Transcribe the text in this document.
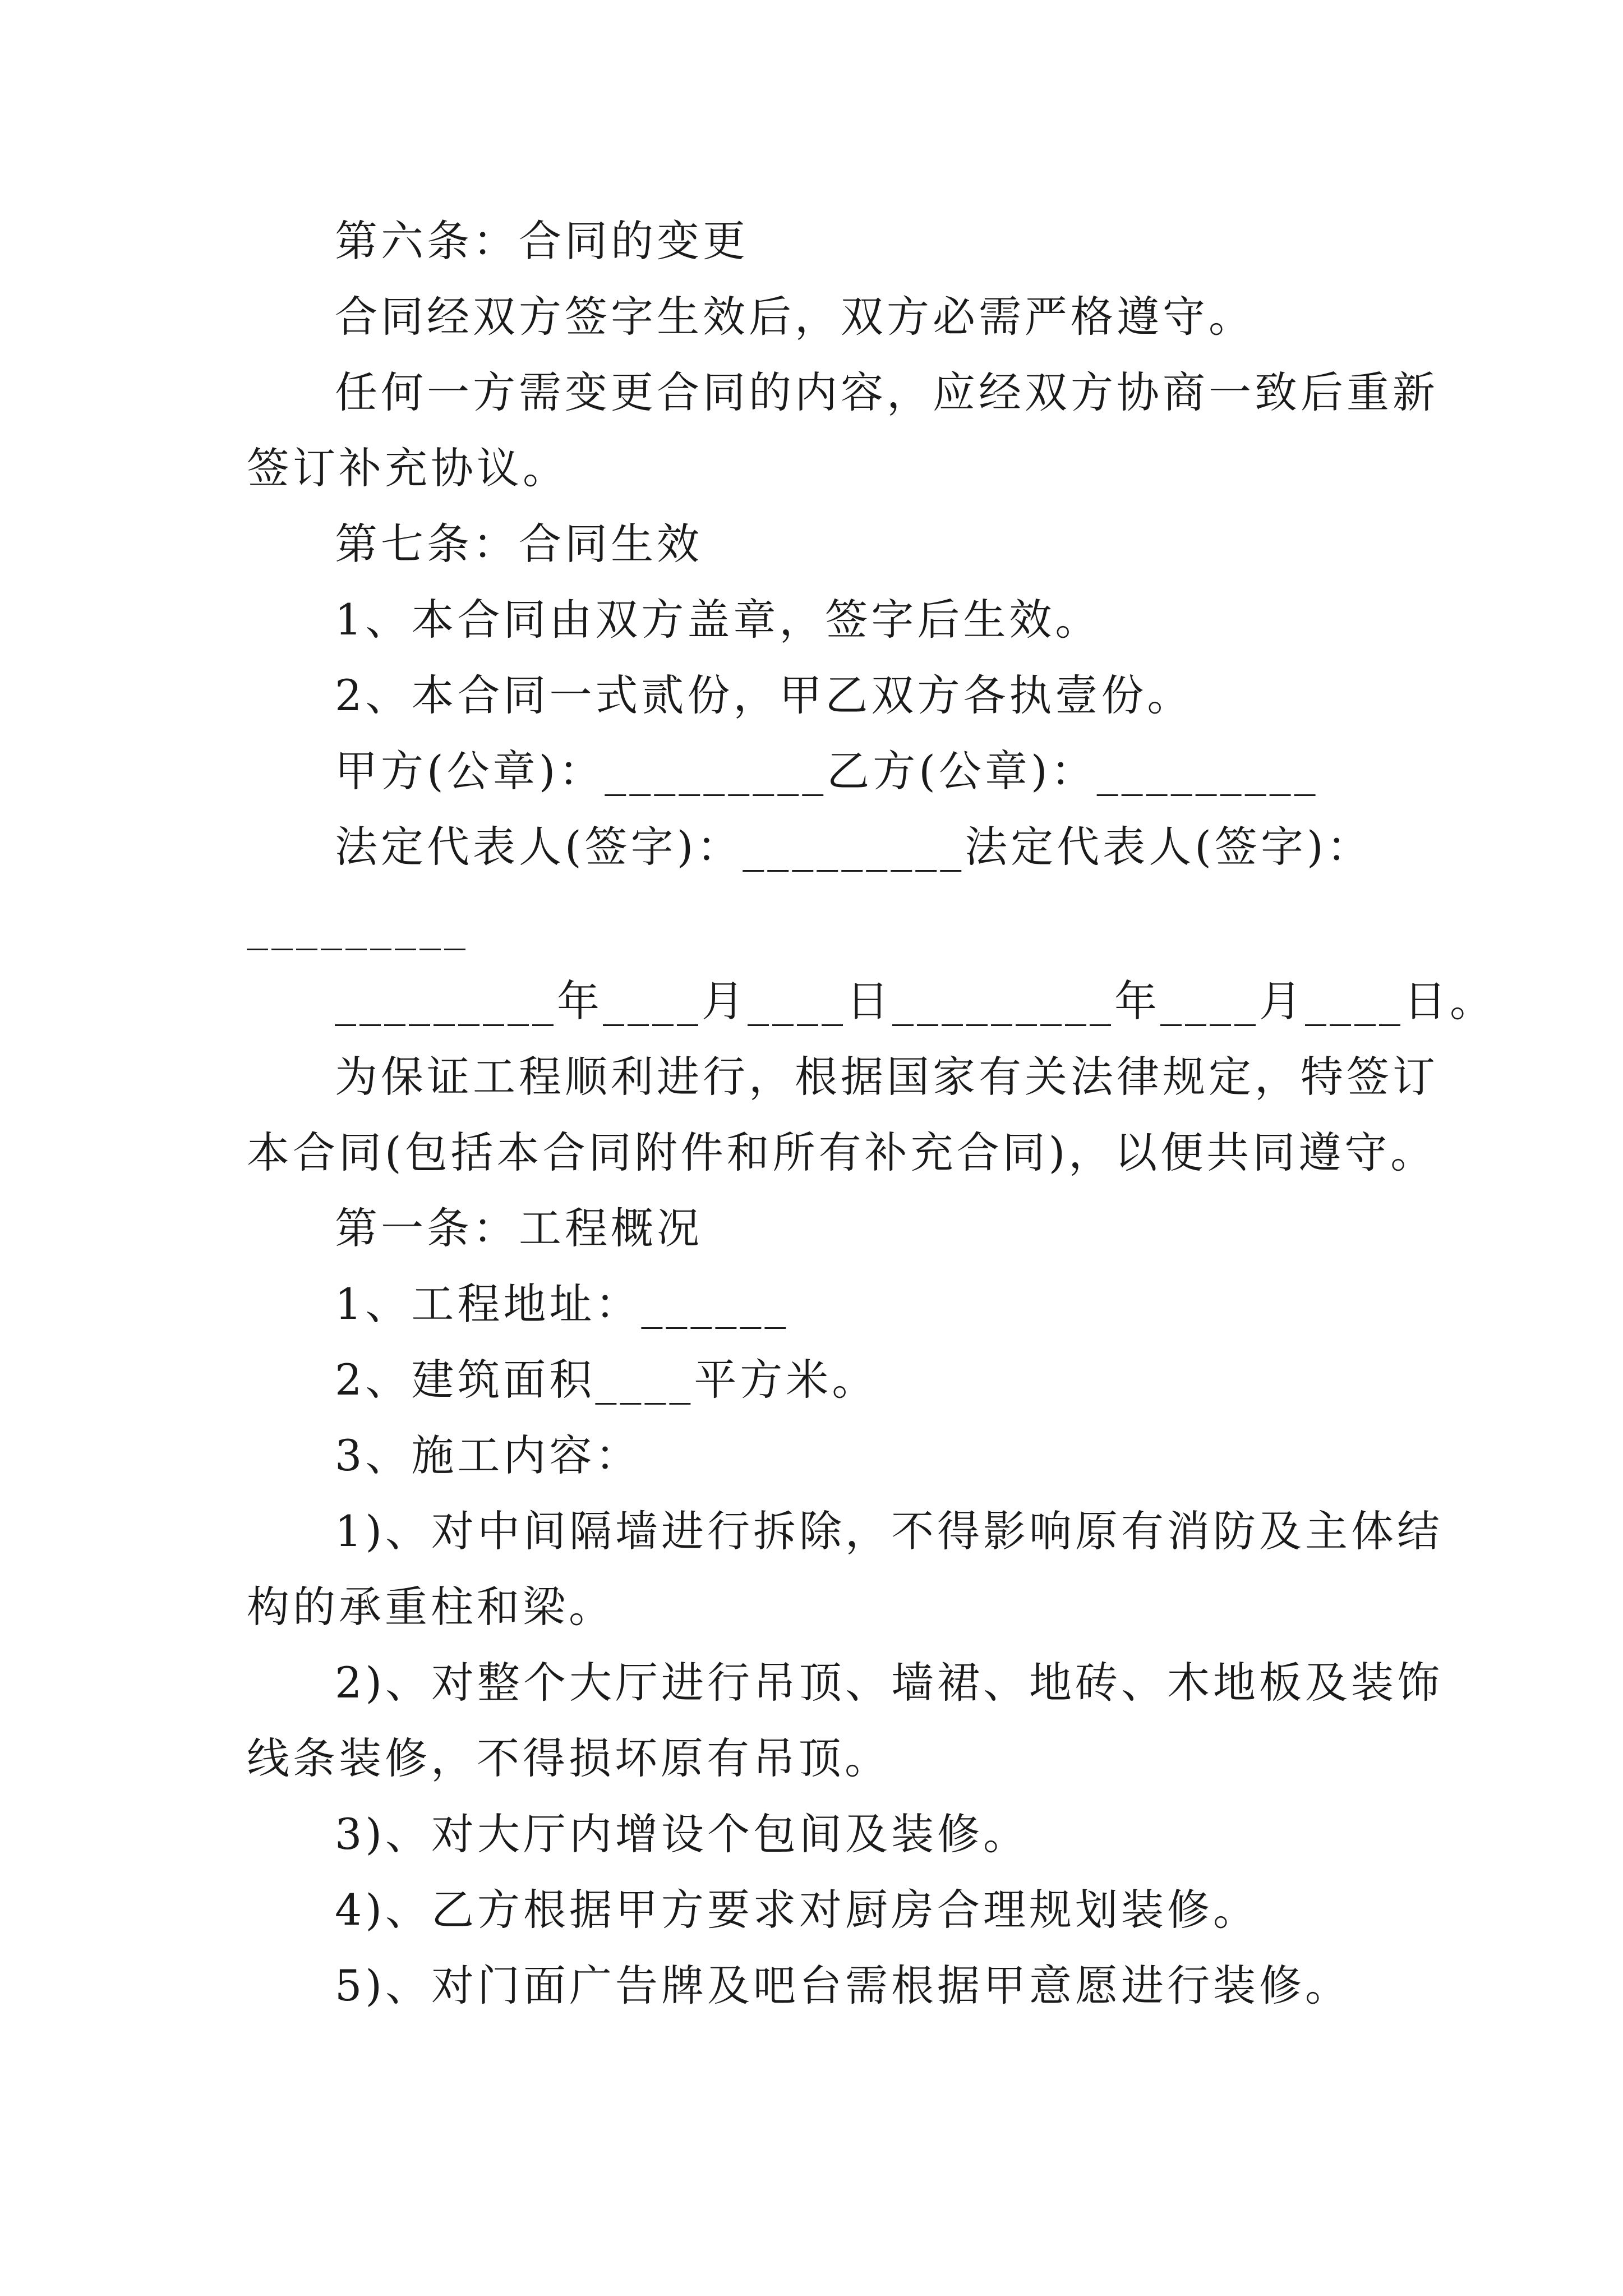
第六条：合同的变更
合同经双方签字生效后，双方必需严格遵守。
任何一方需变更合同的内容，应经双方协商一致后重新
签订补充协议。
第七条：合同生效
1、本合同由双方盖章，签字后生效。
2、本合同一式贰份，甲乙双方各执壹份。
甲方(公章)：_________乙方(公章)：_________
法定代表人(签字)：_________法定代表人(签字)：
_________
_________年____月____日_________年____月____日。
为保证工程顺利进行，根据国家有关法律规定，特签订
本合同(包括本合同附件和所有补充合同)，以便共同遵守。
第一条：工程概况
1、工程地址：______
2、建筑面积____平方米。
3、施工内容：
1)、对中间隔墙进行拆除，不得影响原有消防及主体结
构的承重柱和梁。
2)、对整个大厅进行吊顶、墙裙、地砖、木地板及装饰
线条装修，不得损坏原有吊顶。
3)、对大厅内增设个包间及装修。
4)、乙方根据甲方要求对厨房合理规划装修。
5)、对门面广告牌及吧台需根据甲意愿进行装修。
